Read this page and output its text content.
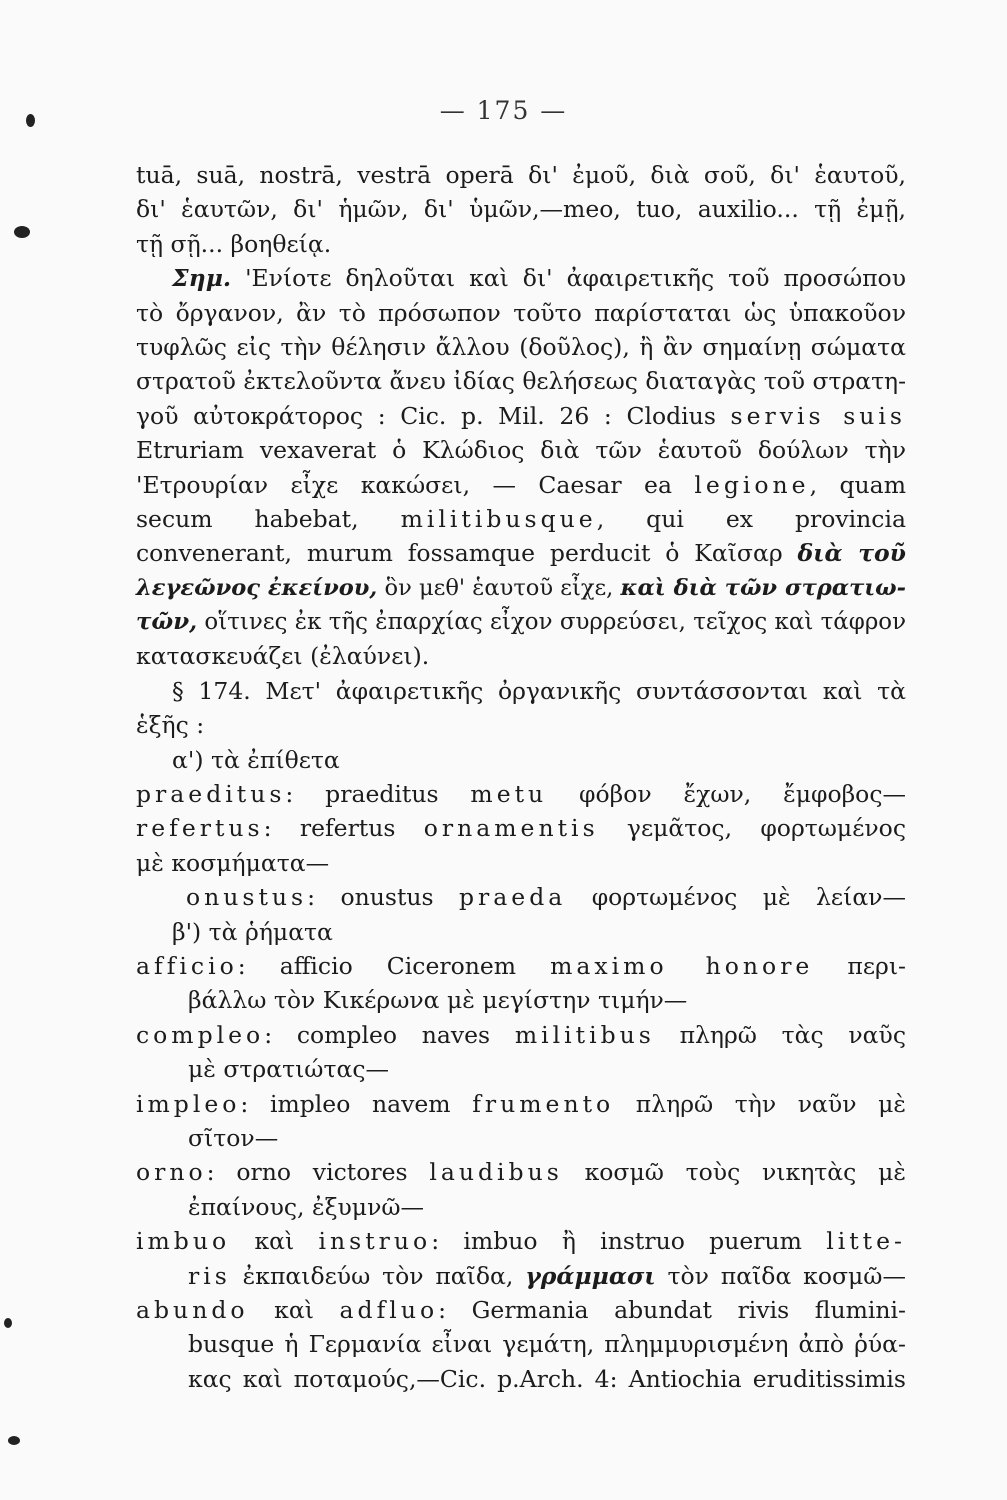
— 175 —
tuā, suā, nostrā, vestrā operā δι' ἐμοῦ, διὰ σοῦ, δι' ἑαυτοῦ,
δι' ἑαυτῶν, δι' ἡμῶν, δι' ὑμῶν,—meo, tuo, auxilio... τῇ ἐμῇ,
τῇ σῇ... βοηθείᾳ.
Σημ. 'Ενίοτε δηλοῦται καὶ δι' ἀφαιρετικῆς τοῦ προσώπου
τὸ ὄργανον, ἂν τὸ πρόσωπον τοῦτο παρίσταται ὡς ὑπακοῦον
τυφλῶς εἰς τὴν θέλησιν ἄλλου (δοῦλος), ἢ ἂν σημαίνῃ σώματα
στρατοῦ ἐκτελοῦντα ἄνευ ἰδίας θελήσεως διαταγὰς τοῦ στρατη-
γοῦ αὐτοκράτορος : Cic. p. Mil. 26 : Clodius servis suis
Etruriam vexaverat ὁ Κλώδιος διὰ τῶν ἑαυτοῦ δούλων τὴν
'Ετρουρίαν εἶχε κακώσει, — Caesar ea legione, quam
secum habebat, militibusque, qui ex provincia
convenerant, murum fossamque perducit ὁ Καῖσαρ διὰ τοῦ
λεγεῶνος ἐκείνου, ὃν μεθ' ἑαυτοῦ εἶχε, καὶ διὰ τῶν στρατιω-
τῶν, οἵτινες ἐκ τῆς ἐπαρχίας εἶχον συρρεύσει, τεῖχος καὶ τάφρον
κατασκευάζει (ἐλαύνει).
§ 174. Μετ' ἀφαιρετικῆς ὀργανικῆς συντάσσονται καὶ τὰ
ἑξῆς :
α') τὰ ἐπίθετα
praeditus: praeditus metu φόβον ἔχων, ἔμφοβος—
refertus: refertus ornamentis γεμᾶτος, φορτωμένος
μὲ κοσμήματα—
onustus: onustus praeda φορτωμένος μὲ λείαν—
β') τὰ ῥήματα
afficio: afficio Ciceronem maximo honore περι-
βάλλω τὸν Κικέρωνα μὲ μεγίστην τιμήν—
compleo: compleo naves militibus πληρῶ τὰς ναῦς
μὲ στρατιώτας—
impleo: impleo navem frumento πληρῶ τὴν ναῦν μὲ
σῖτον—
orno: orno victores laudibus κοσμῶ τοὺς νικητὰς μὲ
ἐπαίνους, ἐξυμνῶ—
imbuo καὶ instruo: imbuo ἢ instruo puerum litte-
ris ἐκπαιδεύω τὸν παῖδα, γράμμασι τὸν παῖδα κοσμῶ—
abundo καὶ adfluo: Germania abundat rivis flumini-
busque ἡ Γερμανία εἶναι γεμάτη, πλημμυρισμένη ἀπὸ ῥύα-
κας καὶ ποταμούς,—Cic. p.Arch. 4: Antiochia eruditissimis
